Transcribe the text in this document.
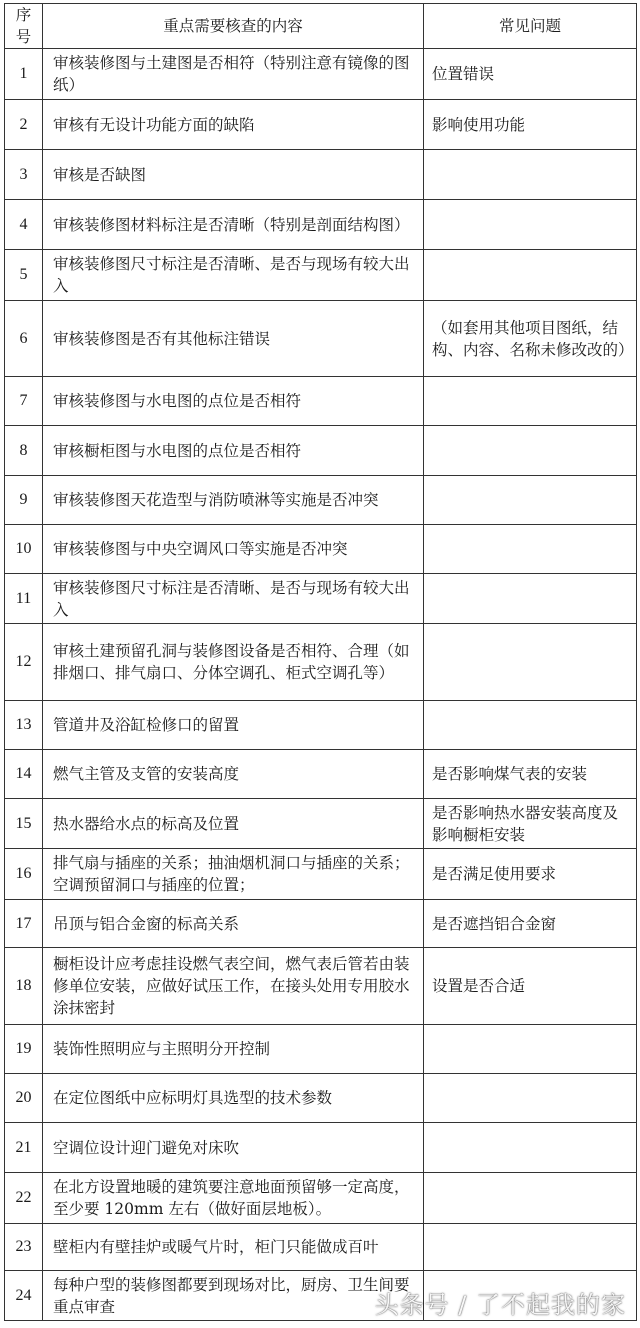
序号	重点需要核查的内容	常见问题
1	审核装修图与土建图是否相符（特别注意有镜像的图纸）	位置错误
2	审核有无设计功能方面的缺陷	影响使用功能
3	审核是否缺图	
4	审核装修图材料标注是否清晰（特别是剖面结构图）	
5	审核装修图尺寸标注是否清晰、是否与现场有较大出入	
6	审核装修图是否有其他标注错误	（如套用其他项目图纸，结构、内容、名称未修改改的）
7	审核装修图与水电图的点位是否相符	
8	审核橱柜图与水电图的点位是否相符	
9	审核装修图天花造型与消防喷淋等实施是否冲突	
10	审核装修图与中央空调风口等实施是否冲突	
11	审核装修图尺寸标注是否清晰、是否与现场有较大出入	
12	审核土建预留孔洞与装修图设备是否相符、合理（如排烟口、排气扇口、分体空调孔、柜式空调孔等）	
13	管道井及浴缸检修口的留置	
14	燃气主管及支管的安装高度	是否影响煤气表的安装
15	热水器给水点的标高及位置	是否影响热水器安装高度及影响橱柜安装
16	排气扇与插座的关系；抽油烟机洞口与插座的关系；空调预留洞口与插座的位置；	是否满足使用要求
17	吊顶与铝合金窗的标高关系	是否遮挡铝合金窗
18	橱柜设计应考虑挂设燃气表空间，燃气表后管若由装修单位安装，应做好试压工作，在接头处用专用胶水涂抹密封	设置是否合适
19	装饰性照明应与主照明分开控制	
20	在定位图纸中应标明灯具选型的技术参数	
21	空调位设计迎门避免对床吹	
22	在北方设置地暖的建筑要注意地面预留够一定高度，至少要 120mm 左右（做好面层地板）。	
23	壁柜内有壁挂炉或暖气片时，柜门只能做成百叶	
24	每种户型的装修图都要到现场对比，厨房、卫生间要重点审查		头条号 / 了不起我的家
